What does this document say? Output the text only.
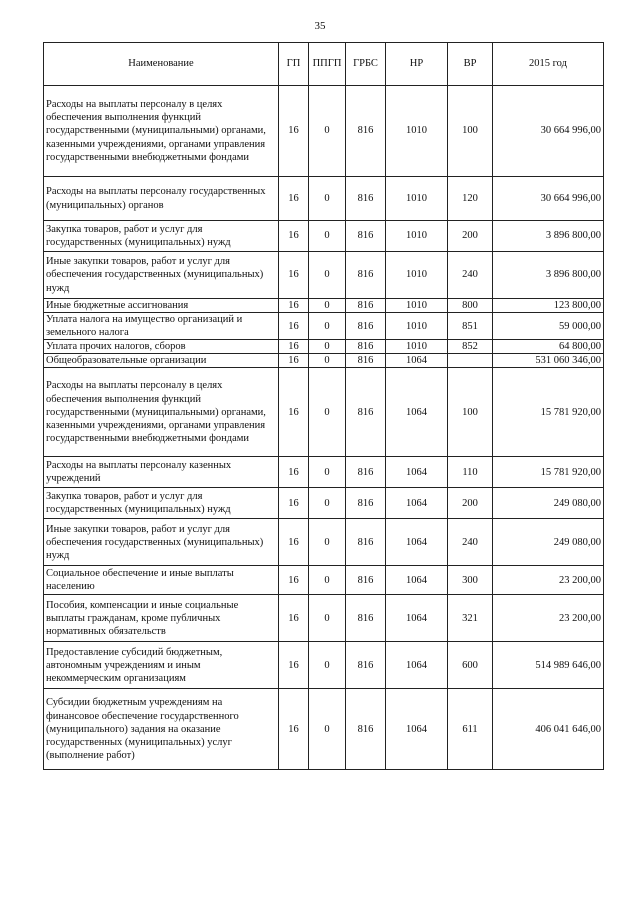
35
Наименование	ГП	ППГП	ГРБС	НР	ВР	2015 год
Расходы на выплаты персоналу в целях обеспечения выполнения функций государственными (муниципальными) органами, казенными учреждениями, органами управления государственными внебюджетными фондами	16	0	816	1010	100	30 664 996,00
Расходы на выплаты персоналу государственных (муниципальных) органов	16	0	816	1010	120	30 664 996,00
Закупка товаров, работ и услуг для государственных (муниципальных) нужд	16	0	816	1010	200	3 896 800,00
Иные закупки товаров, работ и услуг для обеспечения государственных (муниципальных) нужд	16	0	816	1010	240	3 896 800,00
Иные бюджетные ассигнования	16	0	816	1010	800	123 800,00
Уплата налога на имущество организаций и земельного налога	16	0	816	1010	851	59 000,00
Уплата прочих налогов, сборов	16	0	816	1010	852	64 800,00
Общеобразовательные организации	16	0	816	1064		531 060 346,00
Расходы на выплаты персоналу в целях обеспечения выполнения функций государственными (муниципальными) органами, казенными учреждениями, органами управления государственными внебюджетными фондами	16	0	816	1064	100	15 781 920,00
Расходы на выплаты персоналу казенных учреждений	16	0	816	1064	110	15 781 920,00
Закупка товаров, работ и услуг для государственных (муниципальных) нужд	16	0	816	1064	200	249 080,00
Иные закупки товаров, работ и услуг для обеспечения государственных (муниципальных) нужд	16	0	816	1064	240	249 080,00
Социальное обеспечение и иные выплаты населению	16	0	816	1064	300	23 200,00
Пособия, компенсации и иные социальные выплаты гражданам, кроме публичных нормативных обязательств	16	0	816	1064	321	23 200,00
Предоставление субсидий бюджетным, автономным учреждениям и иным некоммерческим организациям	16	0	816	1064	600	514 989 646,00
Субсидии бюджетным учреждениям на финансовое обеспечение государственного (муниципального) задания на оказание государственных (муниципальных) услуг (выполнение работ)	16	0	816	1064	611	406 041 646,00
